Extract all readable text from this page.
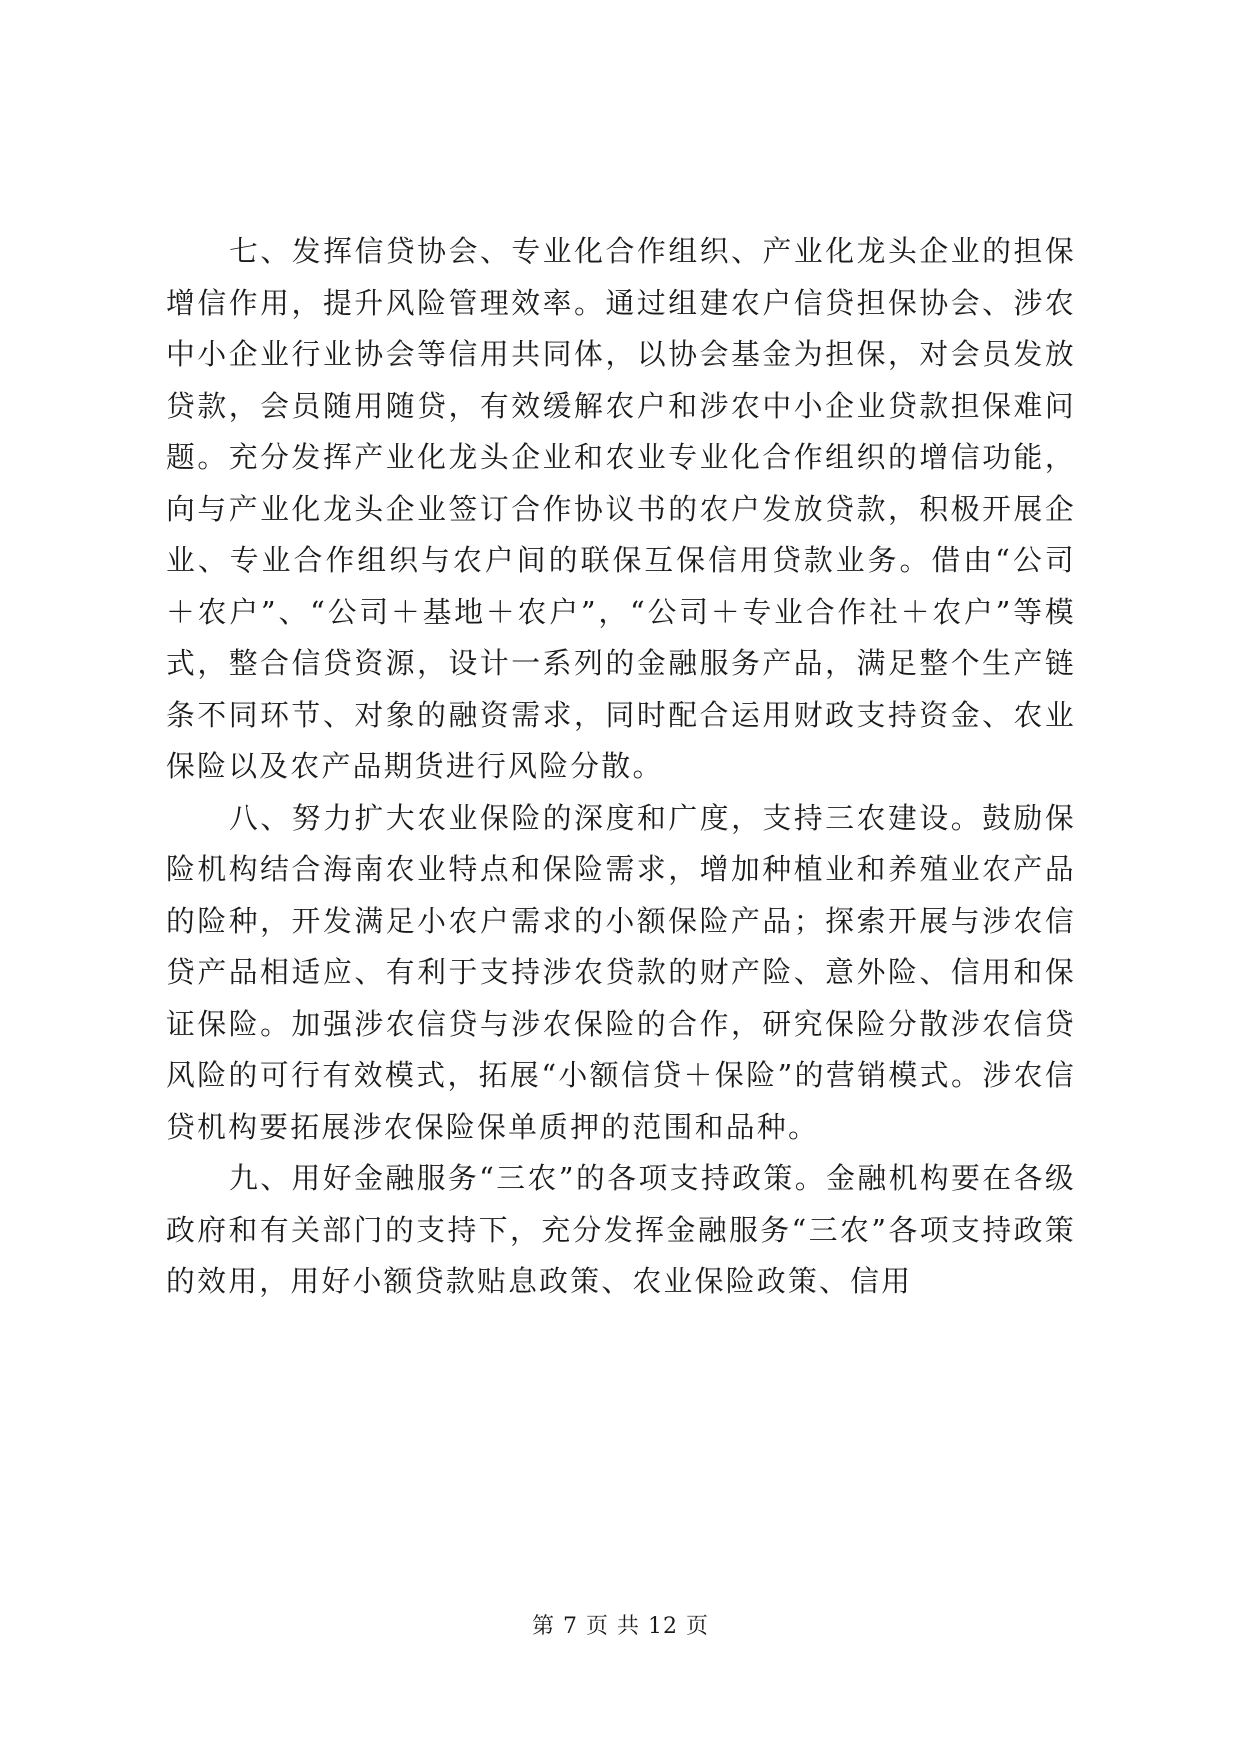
七、发挥信贷协会、专业化合作组织、产业化龙头企业的担保增信作用，提升风险管理效率。通过组建农户信贷担保协会、涉农中小企业行业协会等信用共同体，以协会基金为担保，对会员发放贷款，会员随用随贷，有效缓解农户和涉农中小企业贷款担保难问题。充分发挥产业化龙头企业和农业专业化合作组织的增信功能，向与产业化龙头企业签订合作协议书的农户发放贷款，积极开展企业、专业合作组织与农户间的联保互保信用贷款业务。借由“公司＋农户”、“公司＋基地＋农户”，“公司＋专业合作社＋农户”等模式，整合信贷资源，设计一系列的金融服务产品，满足整个生产链条不同环节、对象的融资需求，同时配合运用财政支持资金、农业保险以及农产品期货进行风险分散。

八、努力扩大农业保险的深度和广度，支持三农建设。鼓励保险机构结合海南农业特点和保险需求，增加种植业和养殖业农产品的险种，开发满足小农户需求的小额保险产品；探索开展与涉农信贷产品相适应、有利于支持涉农贷款的财产险、意外险、信用和保证保险。加强涉农信贷与涉农保险的合作，研究保险分散涉农信贷风险的可行有效模式，拓展“小额信贷＋保险”的营销模式。涉农信贷机构要拓展涉农保险保单质押的范围和品种。

九、用好金融服务“三农”的各项支持政策。金融机构要在各级政府和有关部门的支持下，充分发挥金融服务“三农”各项支持政策的效用，用好小额贷款贴息政策、农业保险政策、信用

第 7 页 共 12 页
